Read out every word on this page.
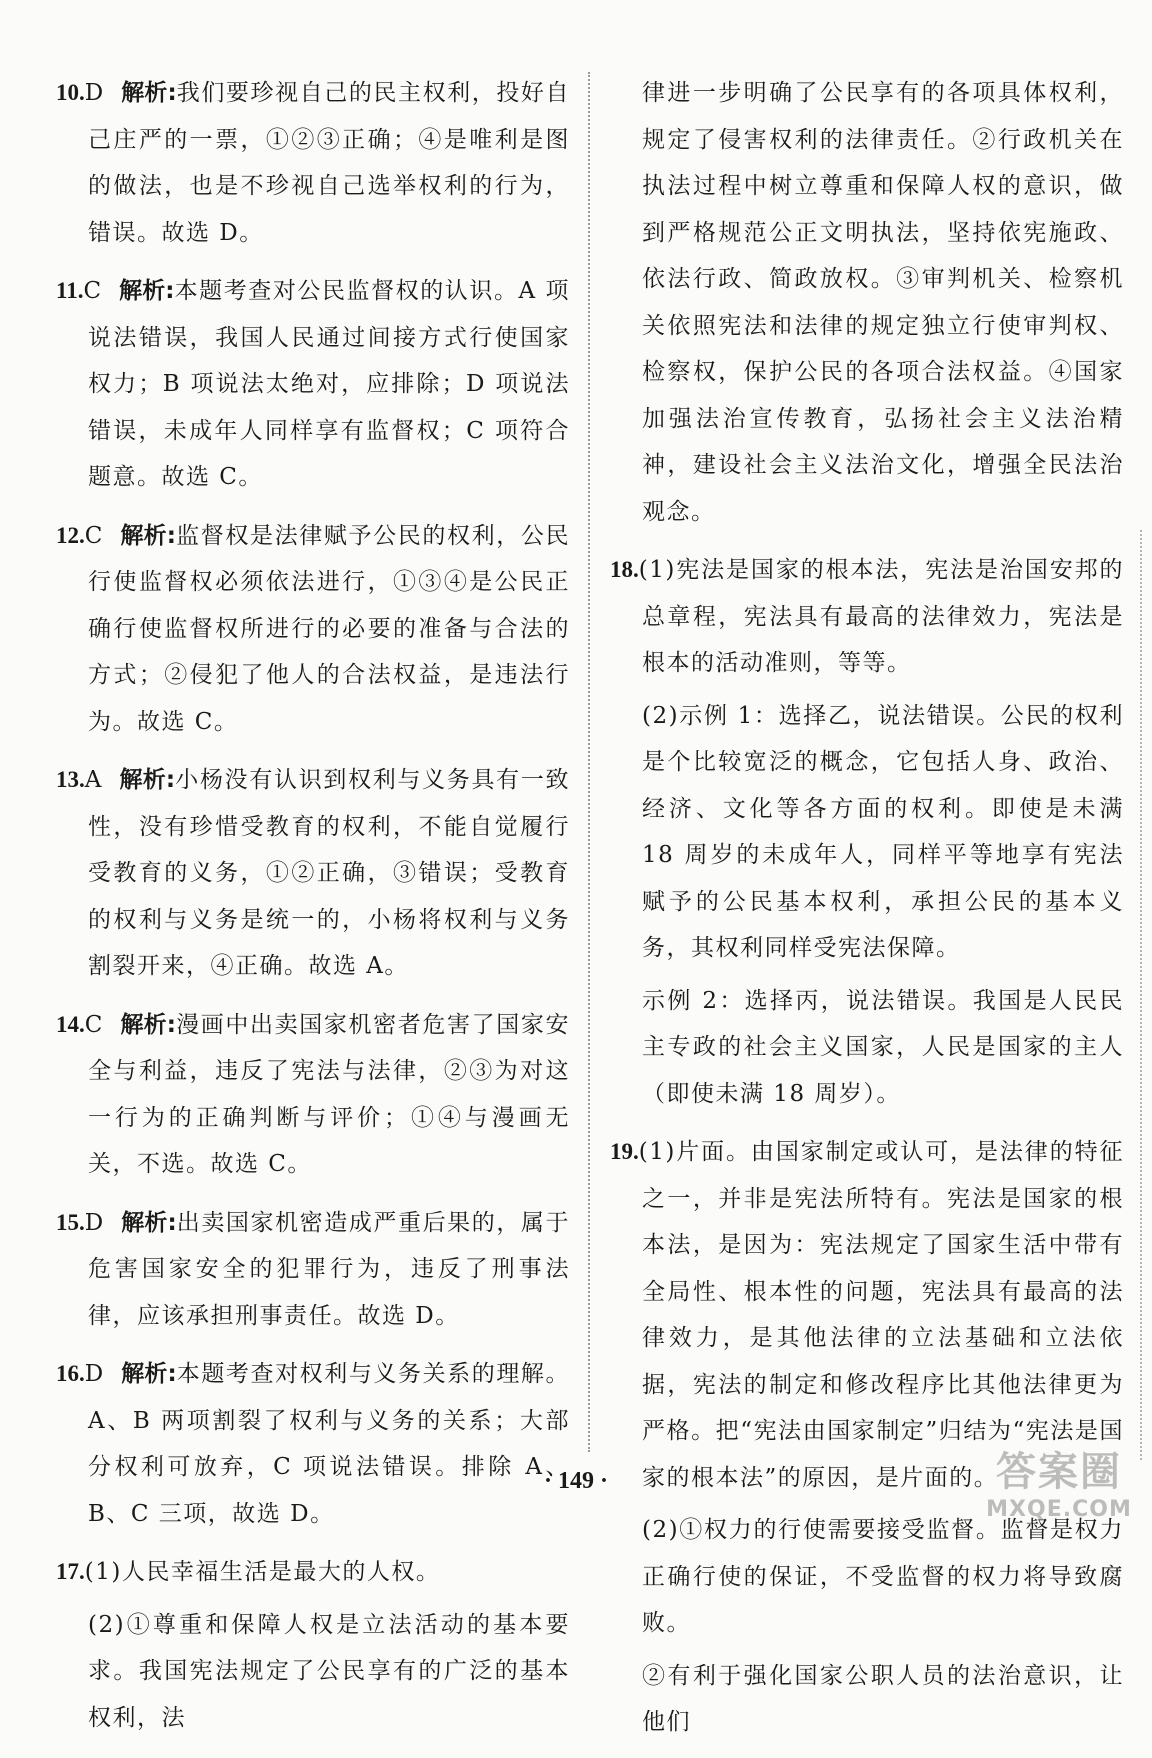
10.D 解析:我们要珍视自己的民主权利，投好自己庄严的一票，①②③正确；④是唯利是图的做法，也是不珍视自己选举权利的行为，错误。故选 D。

11.C 解析:本题考查对公民监督权的认识。A 项说法错误，我国人民通过间接方式行使国家权力；B 项说法太绝对，应排除；D 项说法错误，未成年人同样享有监督权；C 项符合题意。故选 C。

12.C 解析:监督权是法律赋予公民的权利，公民行使监督权必须依法进行，①③④是公民正确行使监督权所进行的必要的准备与合法的方式；②侵犯了他人的合法权益，是违法行为。故选 C。

13.A 解析:小杨没有认识到权利与义务具有一致性，没有珍惜受教育的权利，不能自觉履行受教育的义务，①②正确，③错误；受教育的权利与义务是统一的，小杨将权利与义务割裂开来，④正确。故选 A。

14.C 解析:漫画中出卖国家机密者危害了国家安全与利益，违反了宪法与法律，②③为对这一行为的正确判断与评价；①④与漫画无关，不选。故选 C。

15.D 解析:出卖国家机密造成严重后果的，属于危害国家安全的犯罪行为，违反了刑事法律，应该承担刑事责任。故选 D。

16.D 解析:本题考查对权利与义务关系的理解。A、B 两项割裂了权利与义务的关系；大部分权利可放弃，C 项说法错误。排除 A、B、C 三项，故选 D。

17.(1)人民幸福生活是最大的人权。

(2)①尊重和保障人权是立法活动的基本要求。我国宪法规定了公民享有的广泛的基本权利，法

律进一步明确了公民享有的各项具体权利，规定了侵害权利的法律责任。②行政机关在执法过程中树立尊重和保障人权的意识，做到严格规范公正文明执法，坚持依宪施政、依法行政、简政放权。③审判机关、检察机关依照宪法和法律的规定独立行使审判权、检察权，保护公民的各项合法权益。④国家加强法治宣传教育，弘扬社会主义法治精神，建设社会主义法治文化，增强全民法治观念。

18.(1)宪法是国家的根本法，宪法是治国安邦的总章程，宪法具有最高的法律效力，宪法是根本的活动准则，等等。

(2)示例 1：选择乙，说法错误。公民的权利是个比较宽泛的概念，它包括人身、政治、经济、文化等各方面的权利。即使是未满 18 周岁的未成年人，同样平等地享有宪法赋予的公民基本权利，承担公民的基本义务，其权利同样受宪法保障。

示例 2：选择丙，说法错误。我国是人民民主专政的社会主义国家，人民是国家的主人（即使未满 18 周岁）。

19.(1)片面。由国家制定或认可，是法律的特征之一，并非是宪法所特有。宪法是国家的根本法，是因为：宪法规定了国家生活中带有全局性、根本性的问题，宪法具有最高的法律效力，是其他法律的立法基础和立法依据，宪法的制定和修改程序比其他法律更为严格。把“宪法由国家制定”归结为“宪法是国家的根本法”的原因，是片面的。

(2)①权力的行使需要接受监督。监督是权力正确行使的保证，不受监督的权力将导致腐败。

②有利于强化国家公职人员的法治意识，让他们

· 149 ·	答案圈
MXQE.COM
